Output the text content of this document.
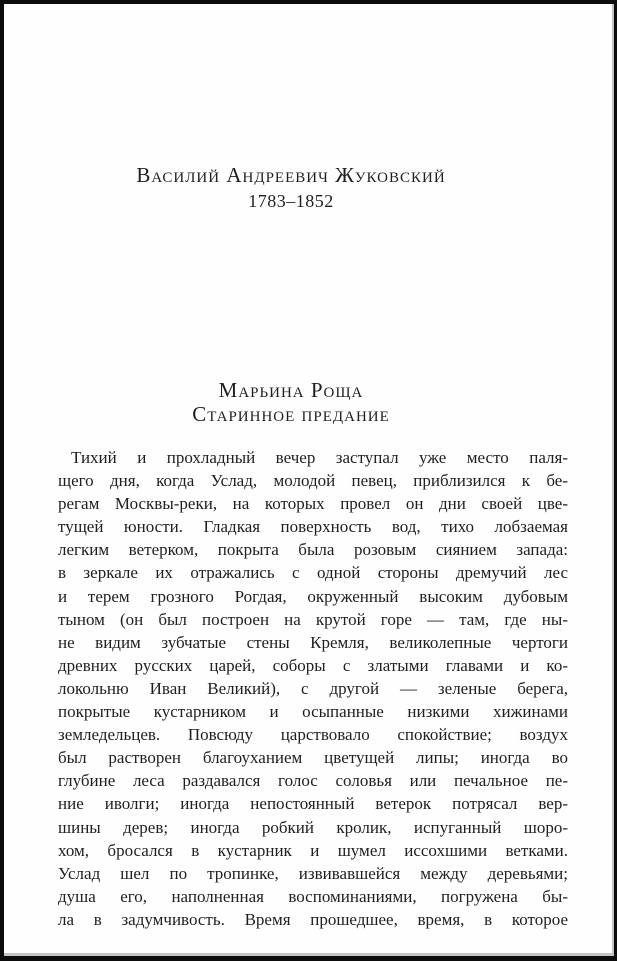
Василий Андреевич Жуковский
1783–1852
Марьина Роща
Старинное предание
Тихий и прохладный вечер заступал уже место паля-
щего дня, когда Услад, молодой певец, приблизился к бе-
регам Москвы-реки, на которых провел он дни своей цве-
тущей юности. Гладкая поверхность вод, тихо лобзаемая
легким ветерком, покрыта была розовым сиянием запада:
в зеркале их отражались с одной стороны дремучий лес
и терем грозного Рогдая, окруженный высоким дубовым
тыном (он был построен на крутой горе — там, где ны-
не видим зубчатые стены Кремля, великолепные чертоги
древних русских царей, соборы с златыми главами и ко-
локольню Иван Великий), с другой — зеленые берега,
покрытые кустарником и осыпанные низкими хижинами
земледельцев. Повсюду царствовало спокойствие; воздух
был растворен благоуханием цветущей липы; иногда во
глубине леса раздавался голос соловья или печальное пе-
ние иволги; иногда непостоянный ветерок потрясал вер-
шины дерев; иногда робкий кролик, испуганный шоро-
хом, бросался в кустарник и шумел иссохшими ветками.
Услад шел по тропинке, извивавшейся между деревьями;
душа его, наполненная воспоминаниями, погружена бы-
ла в задумчивость. Время прошедшее, время, в которое
